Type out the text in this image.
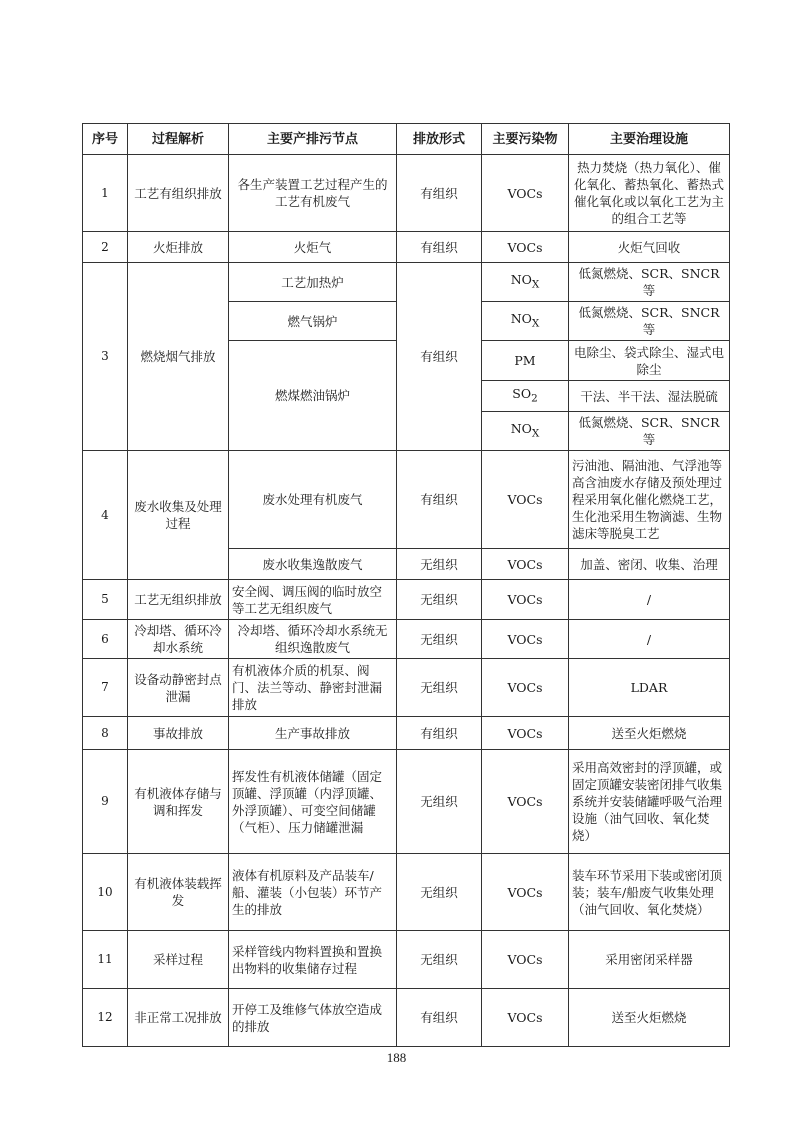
序号	过程解析	主要产排污节点	排放形式	主要污染物	主要治理设施
1	工艺有组织排放	各生产装置工艺过程产生的工艺有机废气	有组织	VOCs	热力焚烧（热力氧化）、催化氧化、蓄热氧化、蓄热式催化氧化或以氧化工艺为主的组合工艺等
2	火炬排放	火炬气	有组织	VOCs	火炬气回收
3	燃烧烟气排放	工艺加热炉	有组织	$NO_X$	低氮燃烧、SCR、SNCR 等
		燃气锅炉		$NO_X$	低氮燃烧、SCR、SNCR 等
		燃煤燃油锅炉		PM	电除尘、袋式除尘、湿式电除尘
				$SO_2$	干法、半干法、湿法脱硫
				$NO_X$	低氮燃烧、SCR、SNCR 等
4	废水收集及处理过程	废水处理有机废气	有组织	VOCs	污油池、隔油池、气浮池等高含油废水存储及预处理过程采用氧化催化燃烧工艺，生化池采用生物滴滤、生物滤床等脱臭工艺
		废水收集逸散废气	无组织	VOCs	加盖、密闭、收集、治理
5	工艺无组织排放	安全阀、调压阀的临时放空等工艺无组织废气	无组织	VOCs	/
6	冷却塔、循环冷却水系统	冷却塔、循环冷却水系统无组织逸散废气	无组织	VOCs	/
7	设备动静密封点泄漏	有机液体介质的机泵、阀门、法兰等动、静密封泄漏排放	无组织	VOCs	LDAR
8	事故排放	生产事故排放	有组织	VOCs	送至火炬燃烧
9	有机液体存储与调和挥发	挥发性有机液体储罐（固定顶罐、浮顶罐（内浮顶罐、外浮顶罐）、可变空间储罐（气柜）、压力储罐泄漏	无组织	VOCs	采用高效密封的浮顶罐，或固定顶罐安装密闭排气收集系统并安装储罐呼吸气治理设施（油气回收、氧化焚烧）
10	有机液体装载挥发	液体有机原料及产品装车/船、灌装（小包装）环节产生的排放	无组织	VOCs	装车环节采用下装或密闭顶装；装车/船废气收集处理（油气回收、氧化焚烧）
11	采样过程	采样管线内物料置换和置换出物料的收集储存过程	无组织	VOCs	采用密闭采样器
12	非正常工况排放	开停工及维修气体放空造成的排放	有组织	VOCs	送至火炬燃烧
188
